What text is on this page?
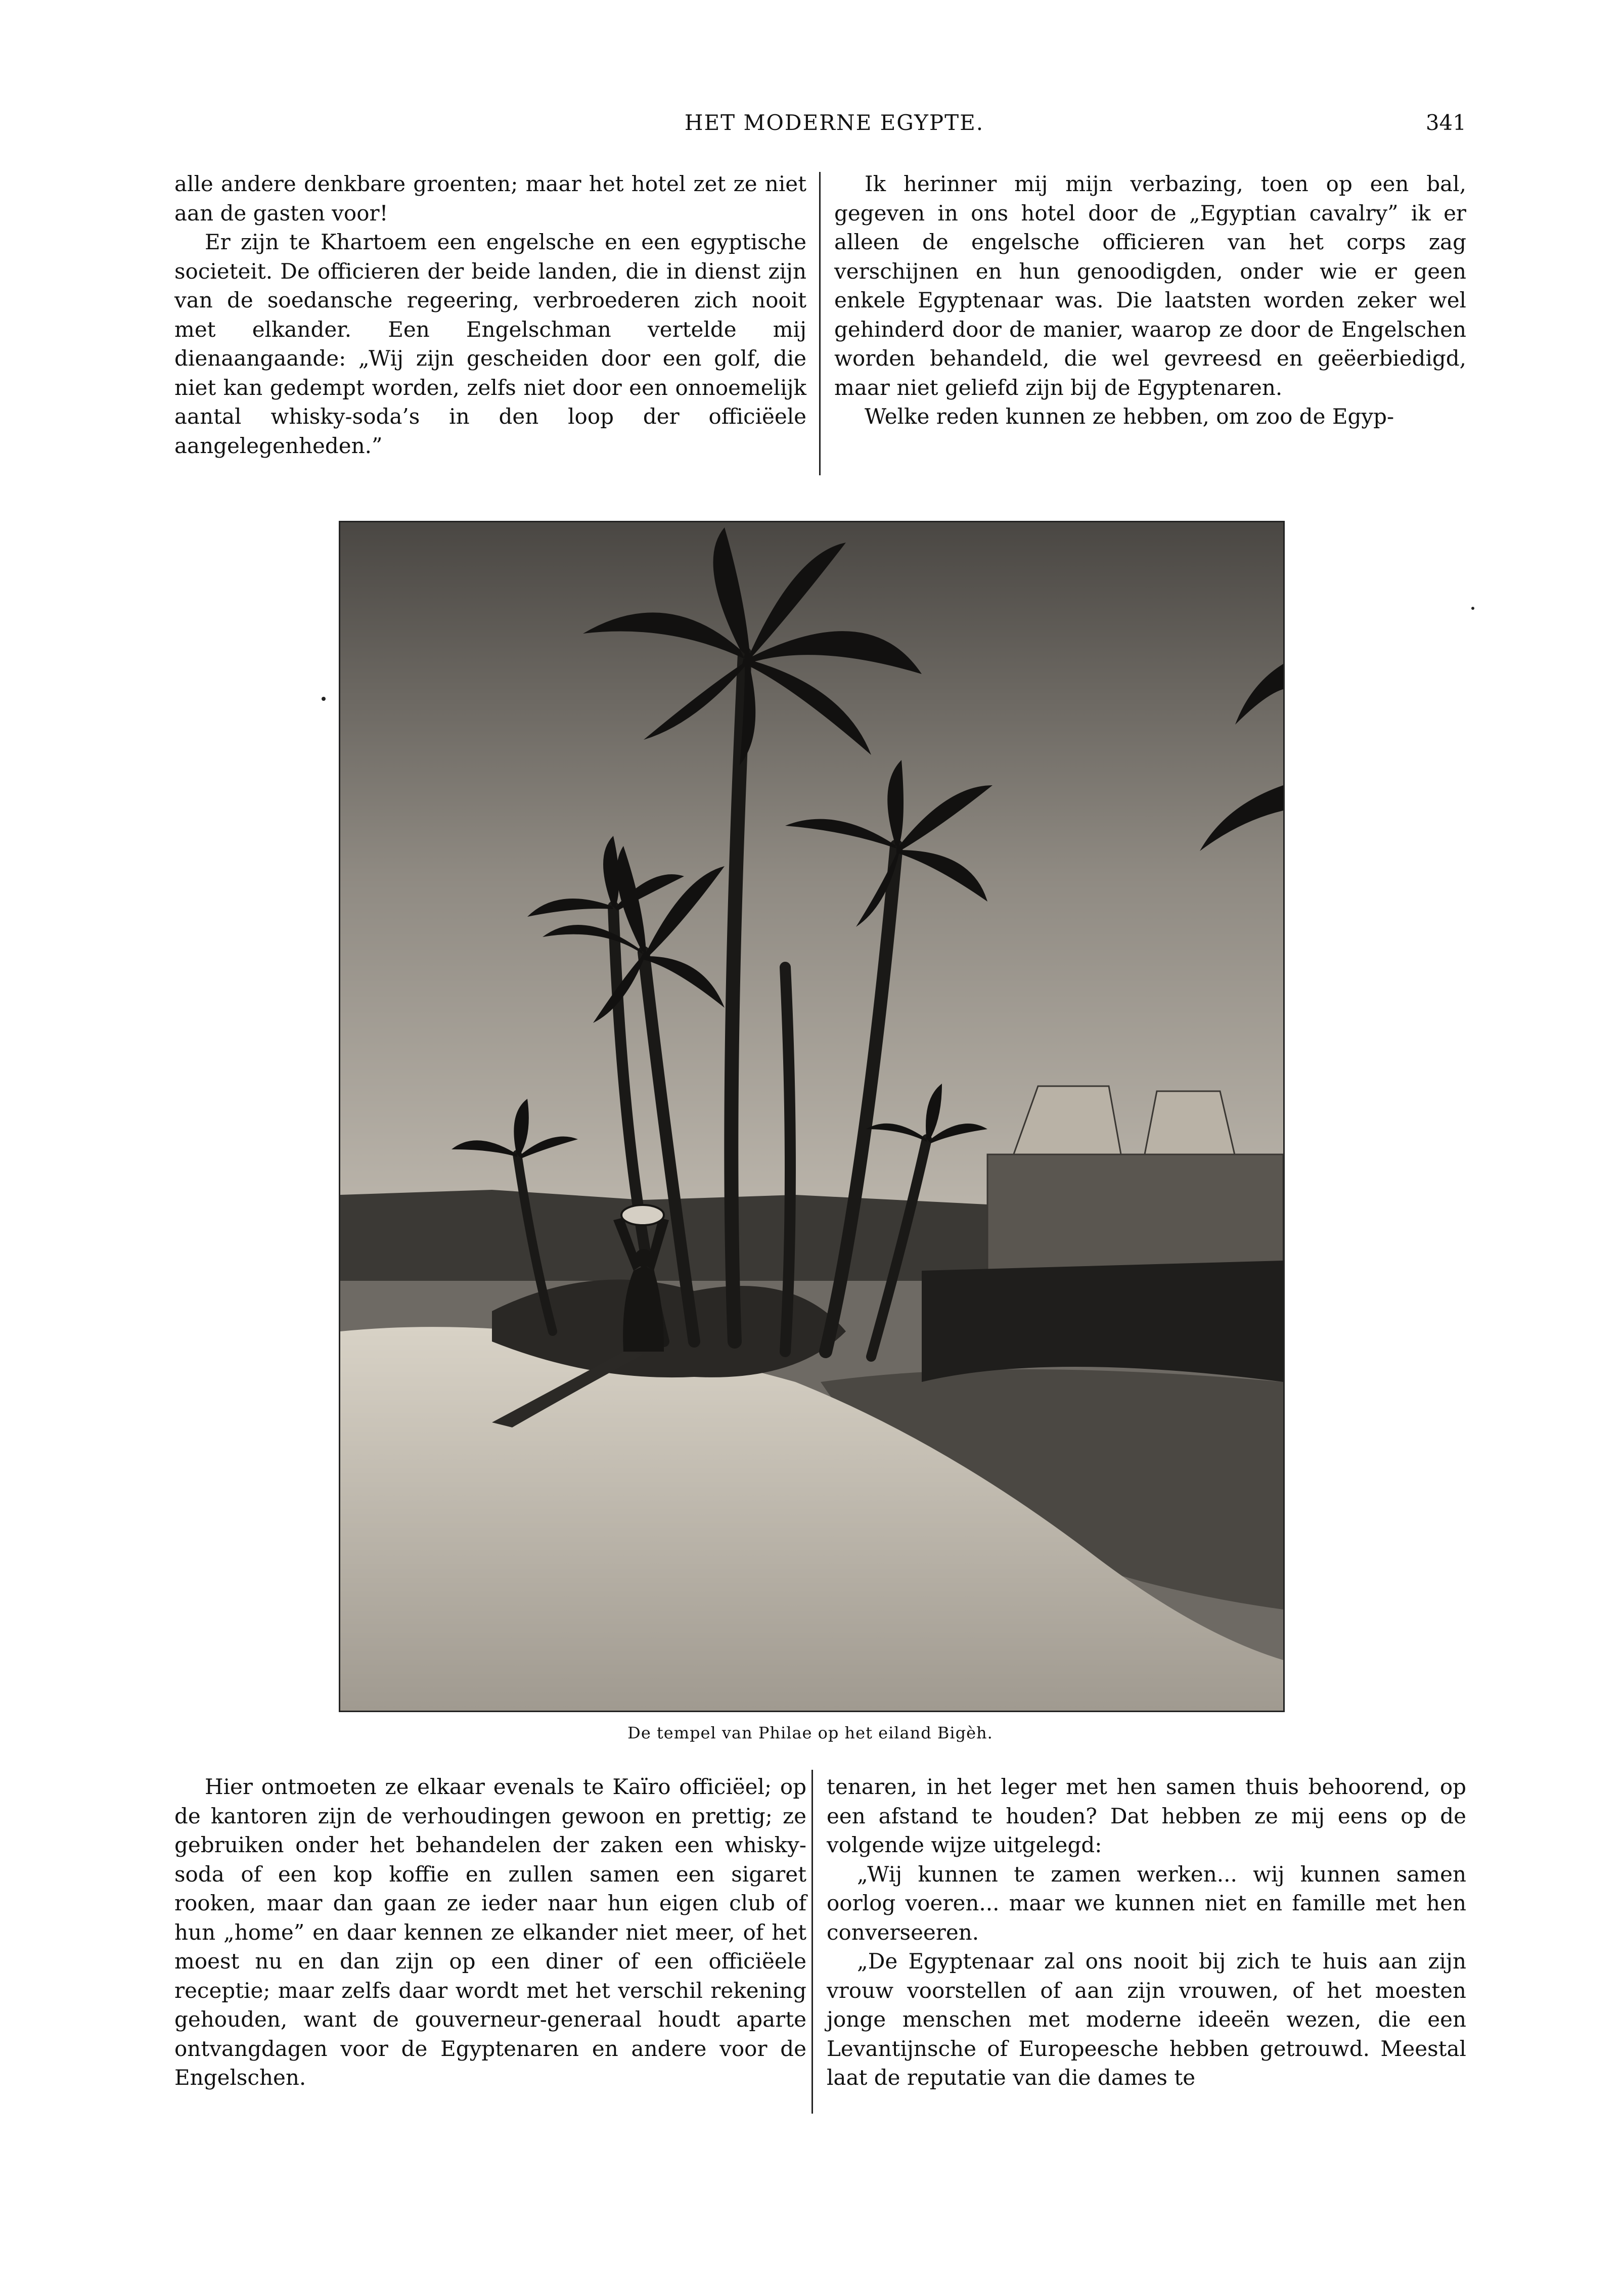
HET MODERNE EGYPTE.	341

alle andere denkbare groenten; maar het hotel zet ze niet aan de gasten voor!

Er zijn te Khartoem een engelsche en een egyptische societeit. De officieren der beide landen, die in dienst zijn van de soedansche regeering, verbroederen zich nooit met elkander. Een Engelschman vertelde mij dienaangaande: „Wij zijn gescheiden door een golf, die niet kan gedempt worden, zelfs niet door een onnoemelijk aantal whisky-soda’s in den loop der officiëele aangelegenheden.”

Ik herinner mij mijn verbazing, toen op een bal, gegeven in ons hotel door de „Egyptian cavalry” ik er alleen de engelsche officieren van het corps zag verschijnen en hun genoodigden, onder wie er geen enkele Egyptenaar was. Die laatsten worden zeker wel gehinderd door de manier, waarop ze door de Engelschen worden behandeld, die wel gevreesd en geëerbiedigd, maar niet geliefd zijn bij de Egyptenaren.

Welke reden kunnen ze hebben, om zoo de Egyp-

De tempel van Philae op het eiland Bigèh.

Hier ontmoeten ze elkaar evenals te Kaïro officiëel; op de kantoren zijn de verhoudingen gewoon en prettig; ze gebruiken onder het behandelen der zaken een whisky-soda of een kop koffie en zullen samen een sigaret rooken, maar dan gaan ze ieder naar hun eigen club of hun „home” en daar kennen ze elkander niet meer, of het moest nu en dan zijn op een diner of een officiëele receptie; maar zelfs daar wordt met het verschil rekening gehouden, want de gouverneur-generaal houdt aparte ontvangdagen voor de Egyptenaren en andere voor de Engelschen.

tenaren, in het leger met hen samen thuis behoorend, op een afstand te houden? Dat hebben ze mij eens op de volgende wijze uitgelegd:

„Wij kunnen te zamen werken... wij kunnen samen oorlog voeren... maar we kunnen niet en famille met hen converseeren.

„De Egyptenaar zal ons nooit bij zich te huis aan zijn vrouw voorstellen of aan zijn vrouwen, of het moesten jonge menschen met moderne ideeën wezen, die een Levantijnsche of Europeesche hebben getrouwd. Meestal laat de reputatie van die dames te
